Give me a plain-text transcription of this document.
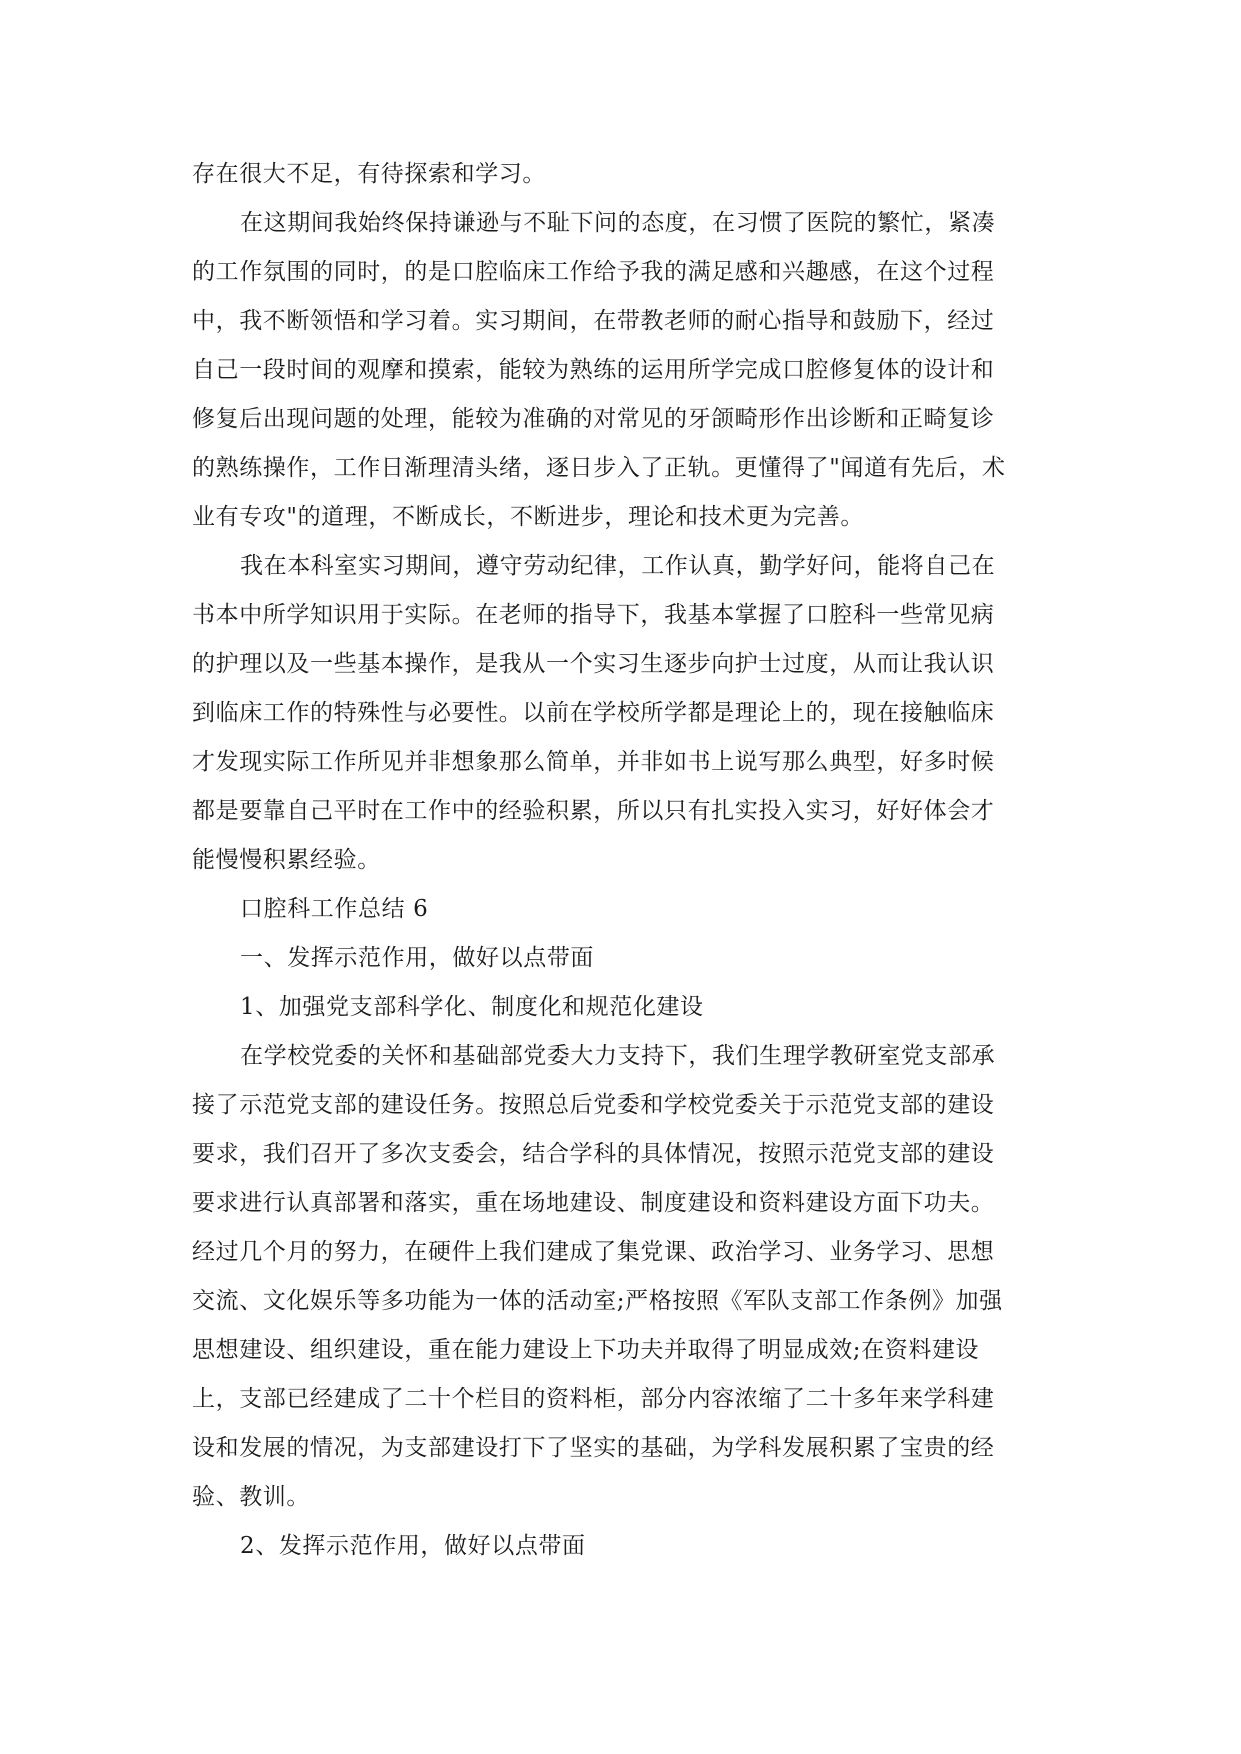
存在很大不足，有待探索和学习。
在这期间我始终保持谦逊与不耻下问的态度，在习惯了医院的繁忙，紧凑
的工作氛围的同时，的是口腔临床工作给予我的满足感和兴趣感，在这个过程
中，我不断领悟和学习着。实习期间，在带教老师的耐心指导和鼓励下，经过
自己一段时间的观摩和摸索，能较为熟练的运用所学完成口腔修复体的设计和
修复后出现问题的处理，能较为准确的对常见的牙颌畸形作出诊断和正畸复诊
的熟练操作，工作日渐理清头绪，逐日步入了正轨。更懂得了"闻道有先后，术
业有专攻"的道理，不断成长，不断进步，理论和技术更为完善。
我在本科室实习期间，遵守劳动纪律，工作认真，勤学好问，能将自己在
书本中所学知识用于实际。在老师的指导下，我基本掌握了口腔科一些常见病
的护理以及一些基本操作，是我从一个实习生逐步向护士过度，从而让我认识
到临床工作的特殊性与必要性。以前在学校所学都是理论上的，现在接触临床
才发现实际工作所见并非想象那么简单，并非如书上说写那么典型，好多时候
都是要靠自己平时在工作中的经验积累，所以只有扎实投入实习，好好体会才
能慢慢积累经验。
口腔科工作总结 6
一、发挥示范作用，做好以点带面
1、加强党支部科学化、制度化和规范化建设
在学校党委的关怀和基础部党委大力支持下，我们生理学教研室党支部承
接了示范党支部的建设任务。按照总后党委和学校党委关于示范党支部的建设
要求，我们召开了多次支委会，结合学科的具体情况，按照示范党支部的建设
要求进行认真部署和落实，重在场地建设、制度建设和资料建设方面下功夫。
经过几个月的努力，在硬件上我们建成了集党课、政治学习、业务学习、思想
交流、文化娱乐等多功能为一体的活动室;严格按照《军队支部工作条例》加强
思想建设、组织建设，重在能力建设上下功夫并取得了明显成效;在资料建设
上，支部已经建成了二十个栏目的资料柜，部分内容浓缩了二十多年来学科建
设和发展的情况，为支部建设打下了坚实的基础，为学科发展积累了宝贵的经
验、教训。
2、发挥示范作用，做好以点带面
